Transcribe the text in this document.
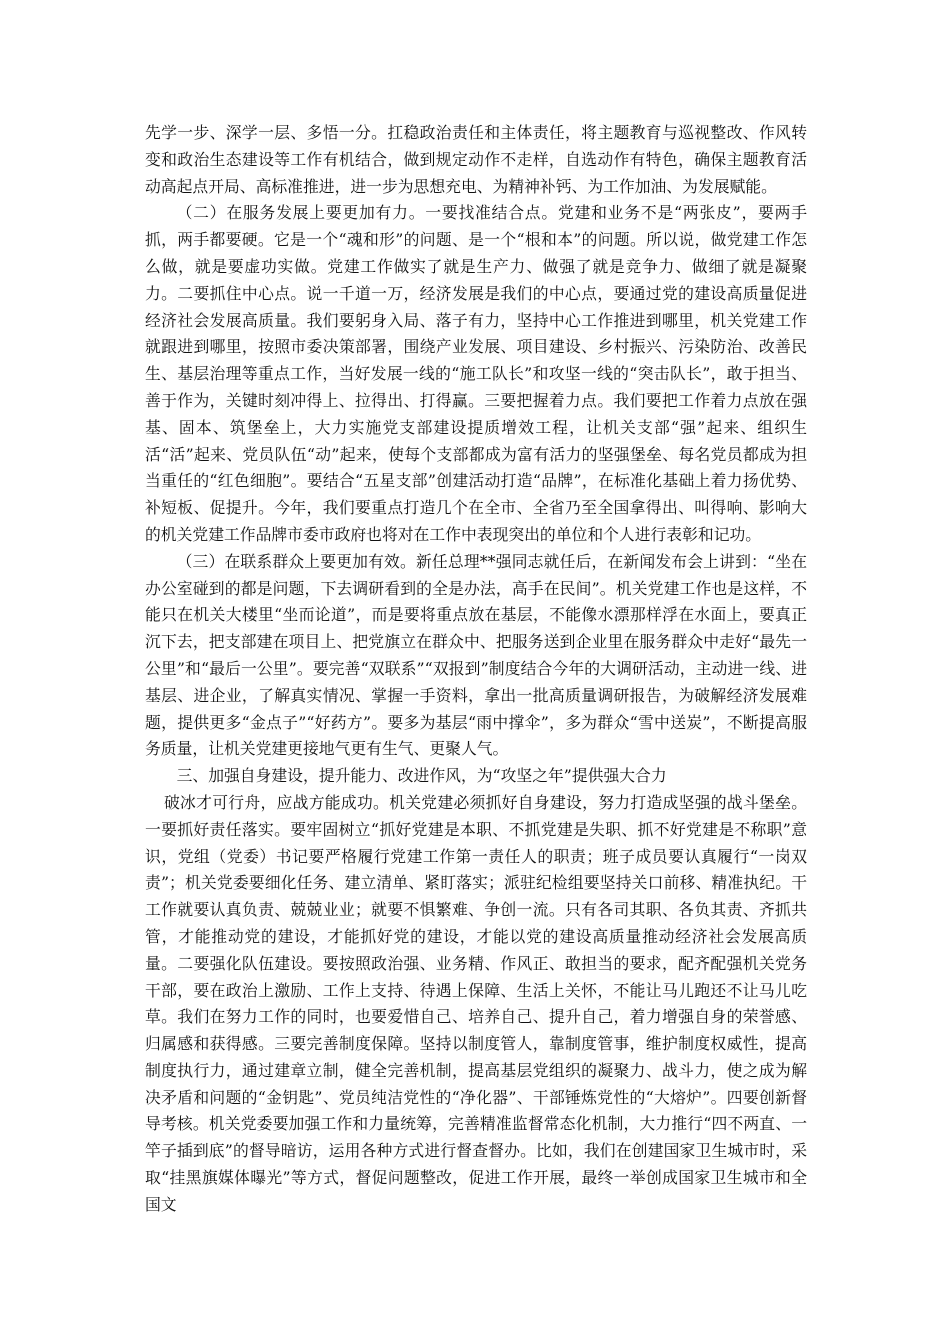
先学一步、深学一层、多悟一分。扛稳政治责任和主体责任，将主题教育与巡视整改、作风转变和政治生态建设等工作有机结合，做到规定动作不走样，自选动作有特色，确保主题教育活动高起点开局、高标准推进，进一步为思想充电、为精神补钙、为工作加油、为发展赋能。

（二）在服务发展上要更加有力。一要找准结合点。党建和业务不是“两张皮”，要两手抓，两手都要硬。它是一个“魂和形”的问题、是一个“根和本”的问题。所以说，做党建工作怎么做，就是要虚功实做。党建工作做实了就是生产力、做强了就是竞争力、做细了就是凝聚力。二要抓住中心点。说一千道一万，经济发展是我们的中心点，要通过党的建设高质量促进经济社会发展高质量。我们要躬身入局、落子有力，坚持中心工作推进到哪里，机关党建工作就跟进到哪里，按照市委决策部署，围绕产业发展、项目建设、乡村振兴、污染防治、改善民生、基层治理等重点工作，当好发展一线的“施工队长”和攻坚一线的“突击队长”，敢于担当、善于作为，关键时刻冲得上、拉得出、打得赢。三要把握着力点。我们要把工作着力点放在强基、固本、筑堡垒上，大力实施党支部建设提质增效工程，让机关支部“强”起来、组织生活“活”起来、党员队伍“动”起来，使每个支部都成为富有活力的坚强堡垒、每名党员都成为担当重任的“红色细胞”。要结合“五星支部”创建活动打造“品牌”，在标准化基础上着力扬优势、补短板、促提升。今年，我们要重点打造几个在全市、全省乃至全国拿得出、叫得响、影响大的机关党建工作品牌市委市政府也将对在工作中表现突出的单位和个人进行表彰和记功。

（三）在联系群众上要更加有效。新任总理**强同志就任后，在新闻发布会上讲到：“坐在办公室碰到的都是问题，下去调研看到的全是办法，高手在民间”。机关党建工作也是这样，不能只在机关大楼里“坐而论道”，而是要将重点放在基层，不能像水漂那样浮在水面上，要真正沉下去，把支部建在项目上、把党旗立在群众中、把服务送到企业里在服务群众中走好“最先一公里”和“最后一公里”。要完善“双联系”“双报到”制度结合今年的大调研活动，主动进一线、进基层、进企业，了解真实情况、掌握一手资料，拿出一批高质量调研报告，为破解经济发展难题，提供更多“金点子”“好药方”。要多为基层“雨中撑伞”，多为群众“雪中送炭”，不断提高服务质量，让机关党建更接地气更有生气、更聚人气。

三、加强自身建设，提升能力、改进作风，为“攻坚之年”提供强大合力

破冰才可行舟，应战方能成功。机关党建必须抓好自身建设，努力打造成坚强的战斗堡垒。一要抓好责任落实。要牢固树立“抓好党建是本职、不抓党建是失职、抓不好党建是不称职”意识，党组（党委）书记要严格履行党建工作第一责任人的职责；班子成员要认真履行“一岗双责”；机关党委要细化任务、建立清单、紧盯落实；派驻纪检组要坚持关口前移、精准执纪。干工作就要认真负责、兢兢业业；就要不惧繁难、争创一流。只有各司其职、各负其责、齐抓共管，才能推动党的建设，才能抓好党的建设，才能以党的建设高质量推动经济社会发展高质量。二要强化队伍建设。要按照政治强、业务精、作风正、敢担当的要求，配齐配强机关党务干部，要在政治上激励、工作上支持、待遇上保障、生活上关怀，不能让马儿跑还不让马儿吃草。我们在努力工作的同时，也要爱惜自己、培养自己、提升自己，着力增强自身的荣誉感、归属感和获得感。三要完善制度保障。坚持以制度管人，靠制度管事，维护制度权威性，提高制度执行力，通过建章立制，健全完善机制，提高基层党组织的凝聚力、战斗力，使之成为解决矛盾和问题的“金钥匙”、党员纯洁党性的“净化器”、干部锤炼党性的“大熔炉”。四要创新督导考核。机关党委要加强工作和力量统筹，完善精准监督常态化机制，大力推行“四不两直、一竿子插到底”的督导暗访，运用各种方式进行督查督办。比如，我们在创建国家卫生城市时，采取“挂黑旗媒体曝光”等方式，督促问题整改，促进工作开展，最终一举创成国家卫生城市和全国文
